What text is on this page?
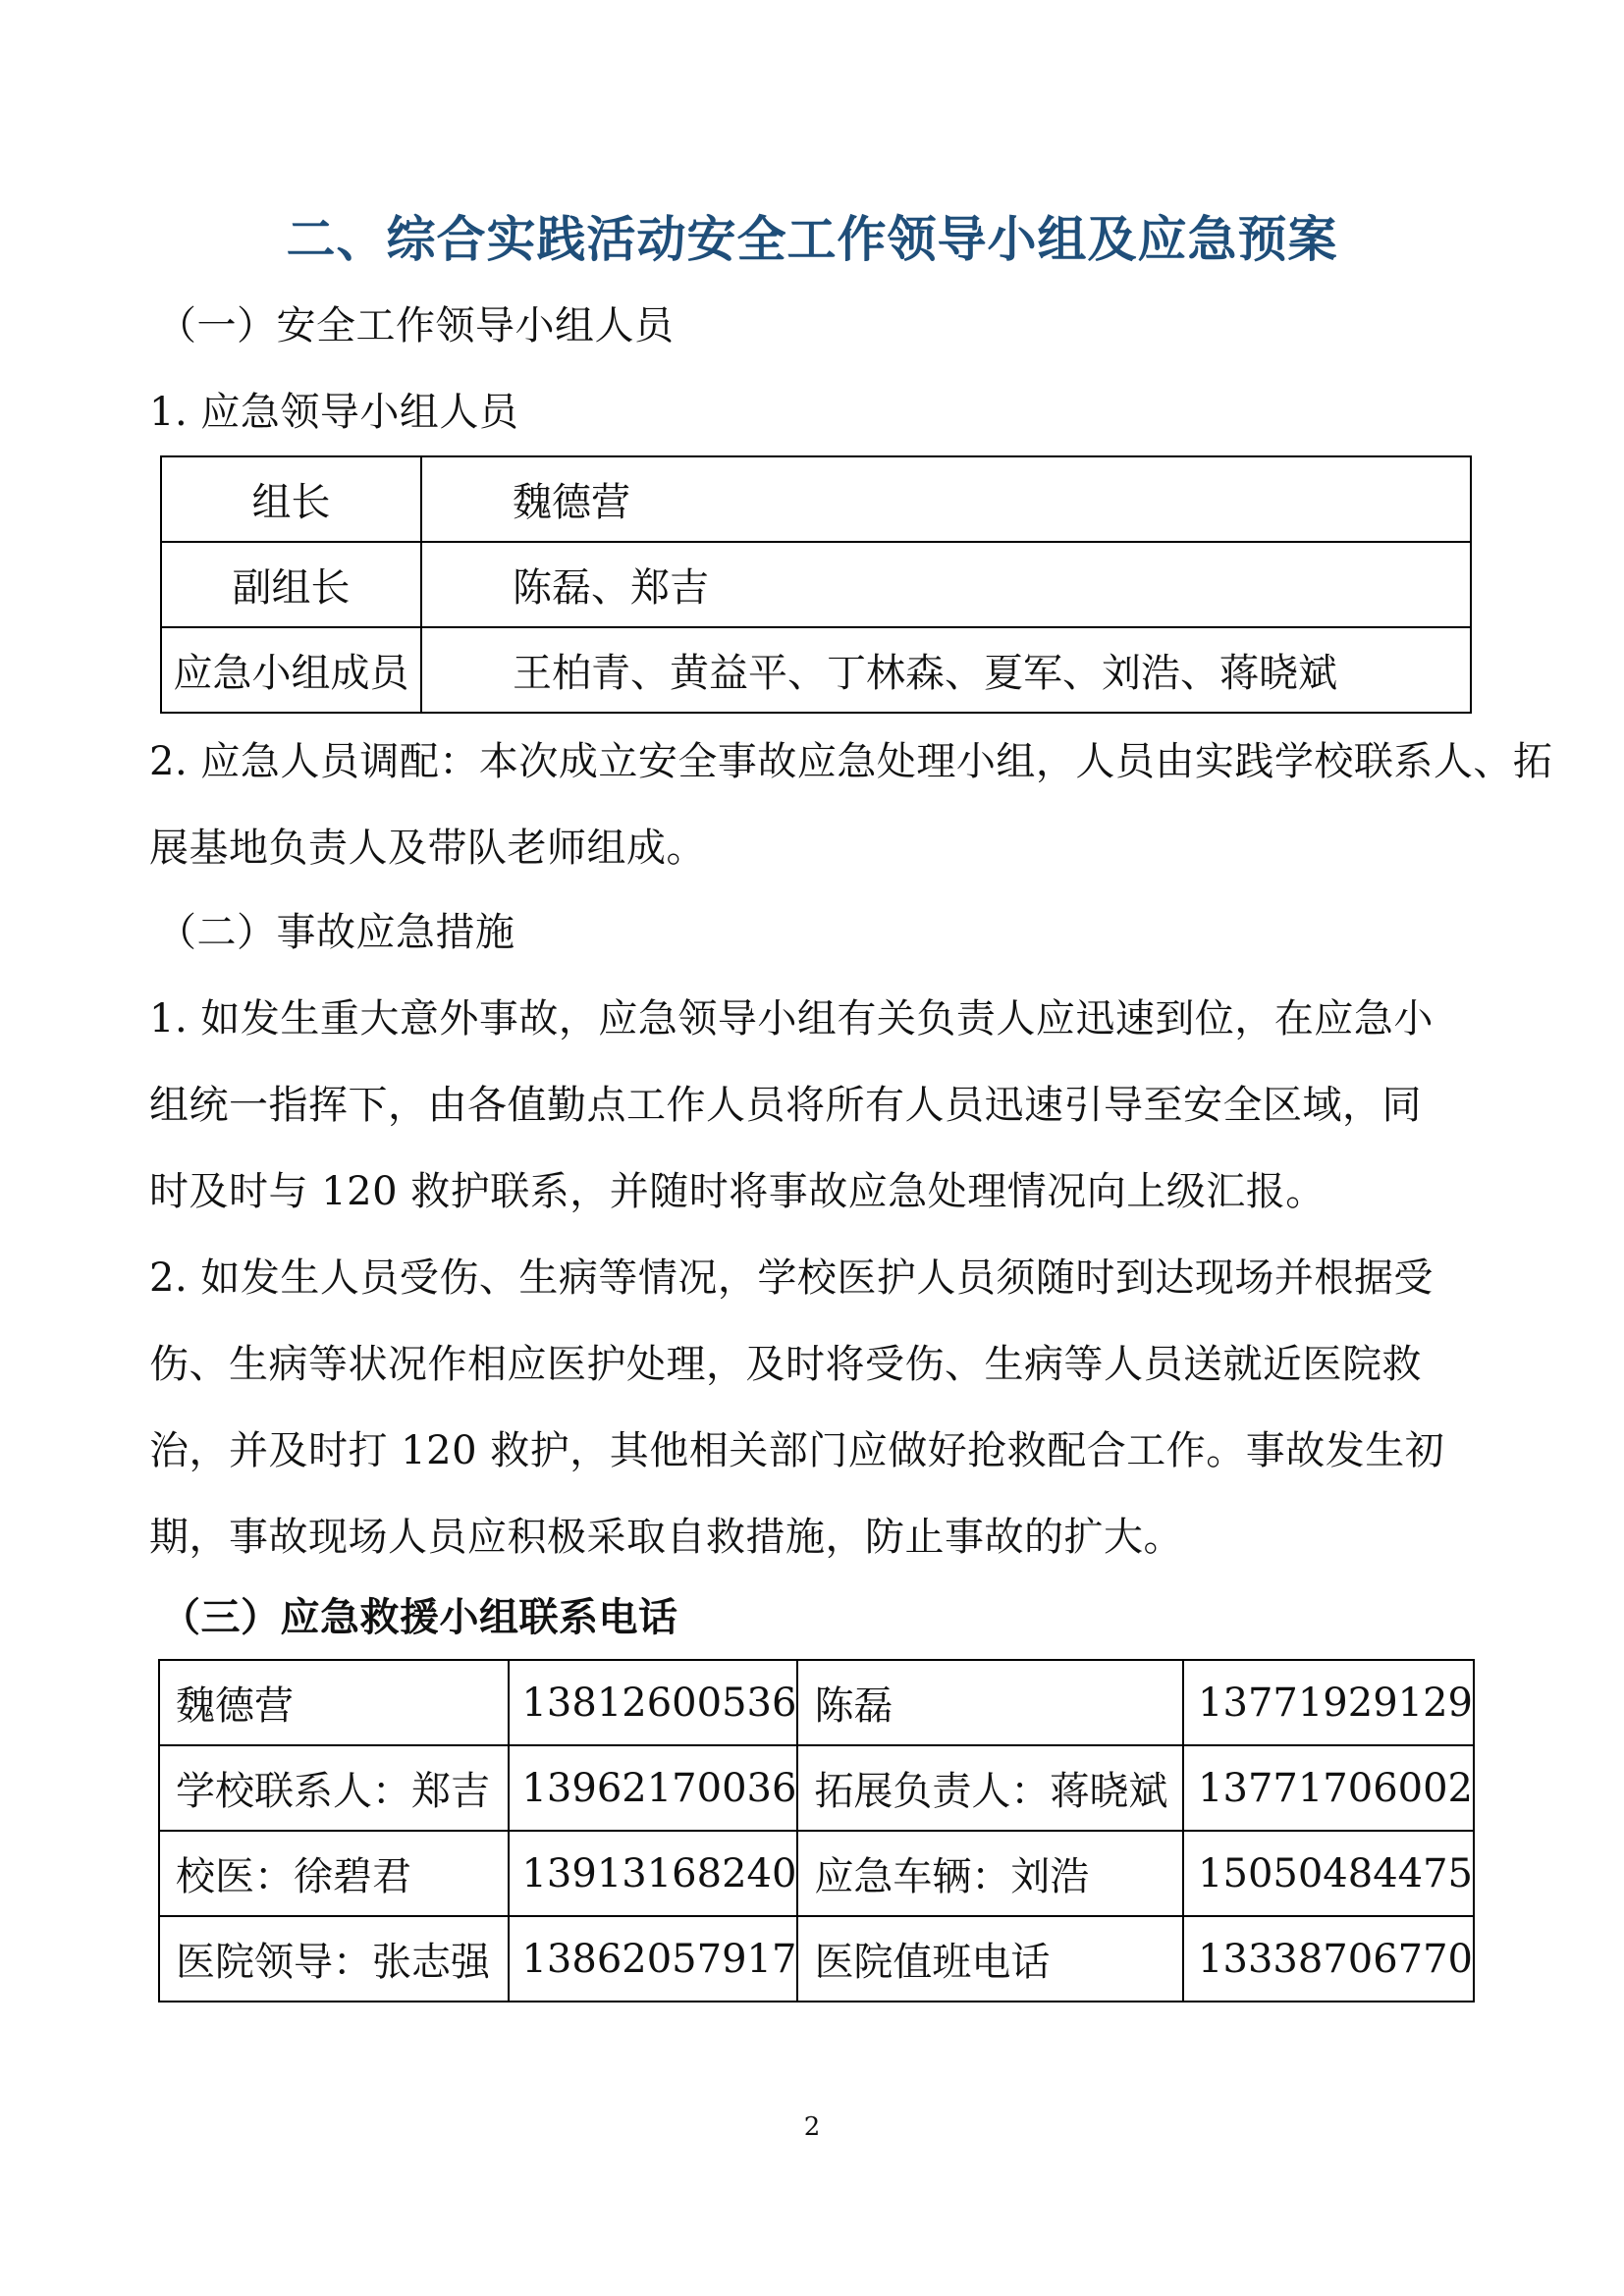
二、综合实践活动安全工作领导小组及应急预案
（一）安全工作领导小组人员
1. 应急领导小组人员
组长	魏德营
副组长	陈磊、郑吉
应急小组成员	王柏青、黄益平、丁林森、夏军、刘浩、蒋晓斌
2. 应急人员调配：本次成立安全事故应急处理小组，人员由实践学校联系人、拓
展基地负责人及带队老师组成。
（二）事故应急措施
1. 如发生重大意外事故，应急领导小组有关负责人应迅速到位，在应急小
组统一指挥下，由各值勤点工作人员将所有人员迅速引导至安全区域，同
时及时与 120 救护联系，并随时将事故应急处理情况向上级汇报。
2. 如发生人员受伤、生病等情况，学校医护人员须随时到达现场并根据受
伤、生病等状况作相应医护处理，及时将受伤、生病等人员送就近医院救
治，并及时打 120 救护，其他相关部门应做好抢救配合工作。事故发生初
期，事故现场人员应积极采取自救措施，防止事故的扩大。
（三）应急救援小组联系电话
魏德营	13812600536	陈磊	13771929129
学校联系人：郑吉	13962170036	拓展负责人：蒋晓斌	13771706002
校医：徐碧君	13913168240	应急车辆：刘浩	15050484475
医院领导：张志强	13862057917	医院值班电话	13338706770
2
